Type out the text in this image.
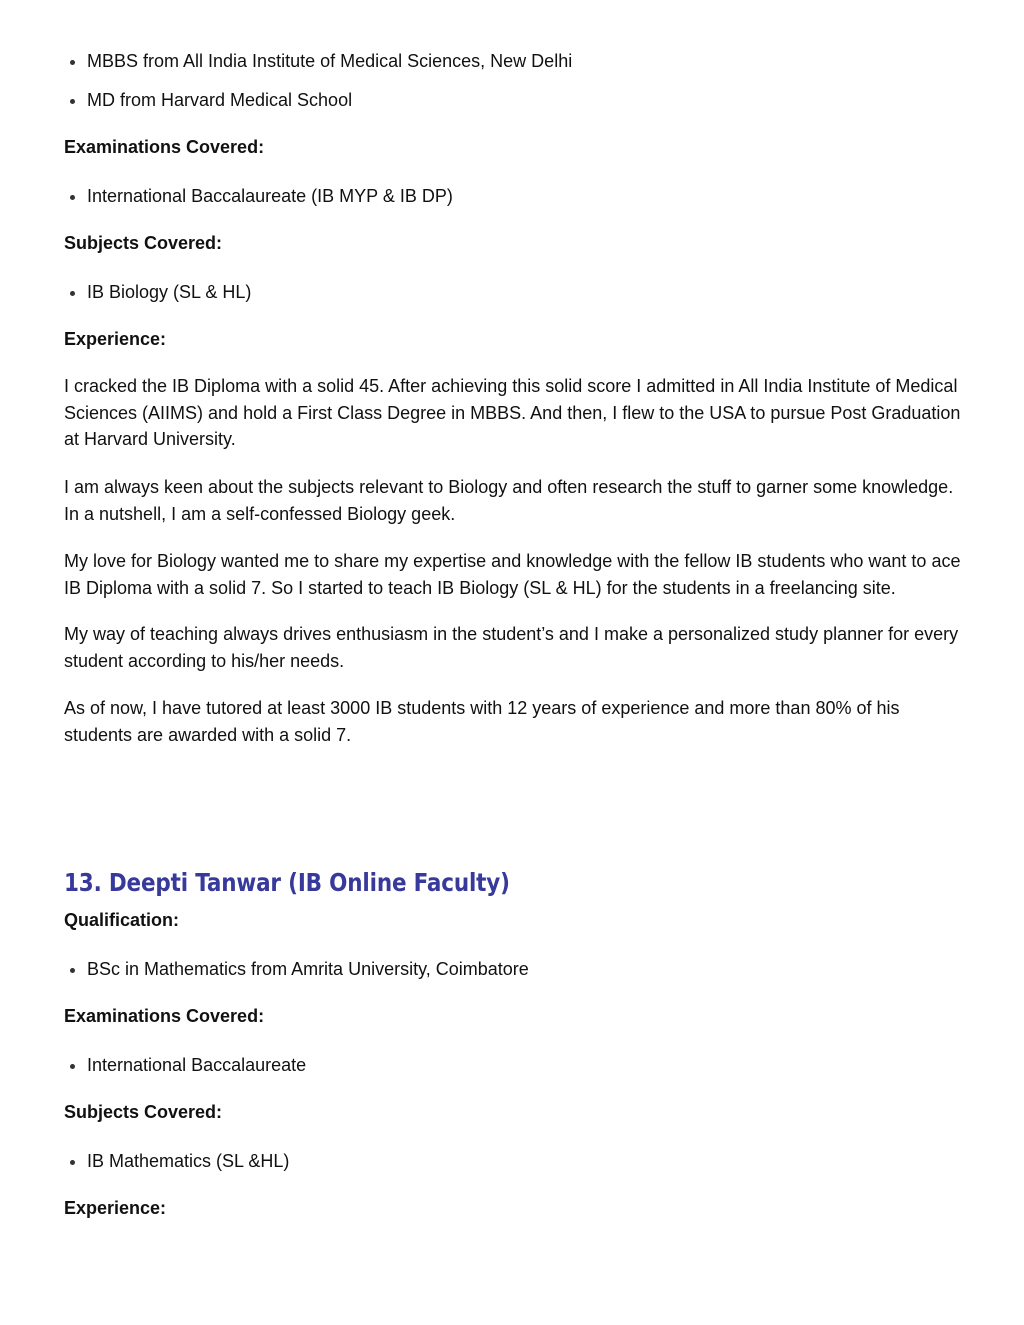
MBBS from All India Institute of Medical Sciences, New Delhi
MD from Harvard Medical School

Examinations Covered:

International Baccalaureate (IB MYP & IB DP)

Subjects Covered:

IB Biology (SL & HL)

Experience:

I cracked the IB Diploma with a solid 45. After achieving this solid score I admitted in All India Institute of Medical Sciences (AIIMS) and hold a First Class Degree in MBBS. And then, I flew to the USA to pursue Post Graduation at Harvard University.

I am always keen about the subjects relevant to Biology and often research the stuff to garner some knowledge. In a nutshell, I am a self-confessed Biology geek.

My love for Biology wanted me to share my expertise and knowledge with the fellow IB students who want to ace IB Diploma with a solid 7. So I started to teach IB Biology (SL & HL) for the students in a freelancing site.

My way of teaching always drives enthusiasm in the student’s and I make a personalized study planner for every student according to his/her needs.

As of now, I have tutored at least 3000 IB students with 12 years of experience and more than 80% of his students are awarded with a solid 7.

13. Deepti Tanwar (IB Online Faculty)

Qualification:

BSc in Mathematics from Amrita University, Coimbatore

Examinations Covered:

International Baccalaureate

Subjects Covered:

IB Mathematics (SL &HL)

Experience:
